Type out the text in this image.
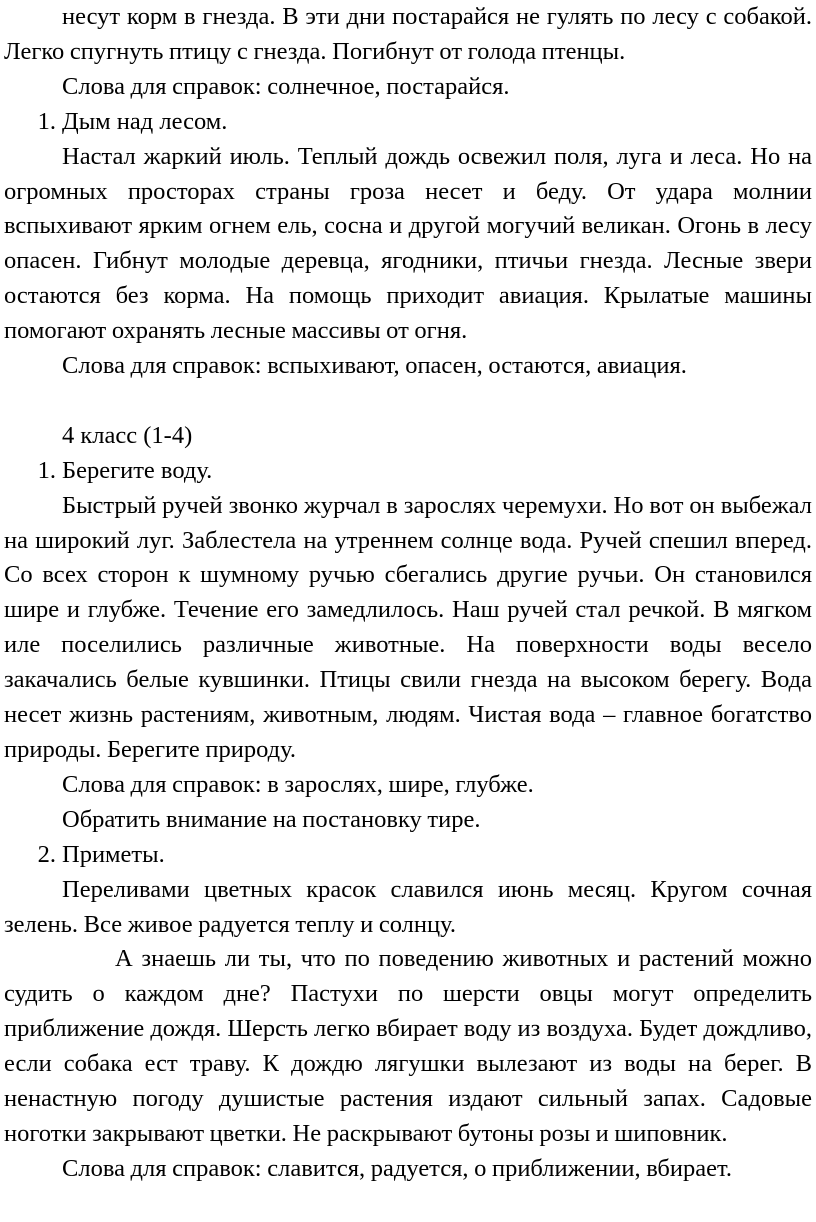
несут корм в гнезда. В эти дни постарайся не гулять по лесу с собакой. Легко спугнуть птицу с гнезда. Погибнут от голода птенцы.

Слова для справок: солнечное, постарайся.

1. Дым над лесом.

Настал жаркий июль. Теплый дождь освежил поля, луга и леса. Но на огромных просторах страны гроза несет и беду. От удара молнии вспыхивают ярким огнем ель, сосна и другой могучий великан. Огонь в лесу опасен. Гибнут молодые деревца, ягодники, птичьи гнезда. Лесные звери остаются без корма. На помощь приходит авиация. Крылатые машины помогают охранять лесные массивы от огня.

Слова для справок: вспыхивают, опасен, остаются, авиация.

4 класс (1-4)

1. Берегите воду.

Быстрый ручей звонко журчал в зарослях черемухи. Но вот он выбежал на широкий луг. Заблестела на утреннем солнце вода. Ручей спешил вперед. Со всех сторон к шумному ручью сбегались другие ручьи. Он становился шире и глубже. Течение его замедлилось. Наш ручей стал речкой. В мягком иле поселились различные животные. На поверхности воды весело закачались белые кувшинки. Птицы свили гнезда на высоком берегу. Вода несет жизнь растениям, животным, людям. Чистая вода – главное богатство природы. Берегите природу.

Слова для справок: в зарослях, шире, глубже.

Обратить внимание на постановку тире.

2. Приметы.

Переливами цветных красок славился июнь месяц. Кругом сочная зелень. Все живое радуется теплу и солнцу.

А знаешь ли ты, что по поведению животных и растений можно судить о каждом дне? Пастухи по шерсти овцы могут определить приближение дождя. Шерсть легко вбирает воду из воздуха. Будет дождливо, если собака ест траву. К дождю лягушки вылезают из воды на берег. В ненастную погоду душистые растения издают сильный запах. Садовые ноготки закрывают цветки. Не раскрывают бутоны розы и шиповник.

Слова для справок: славится, радуется, о приближении, вбирает.
